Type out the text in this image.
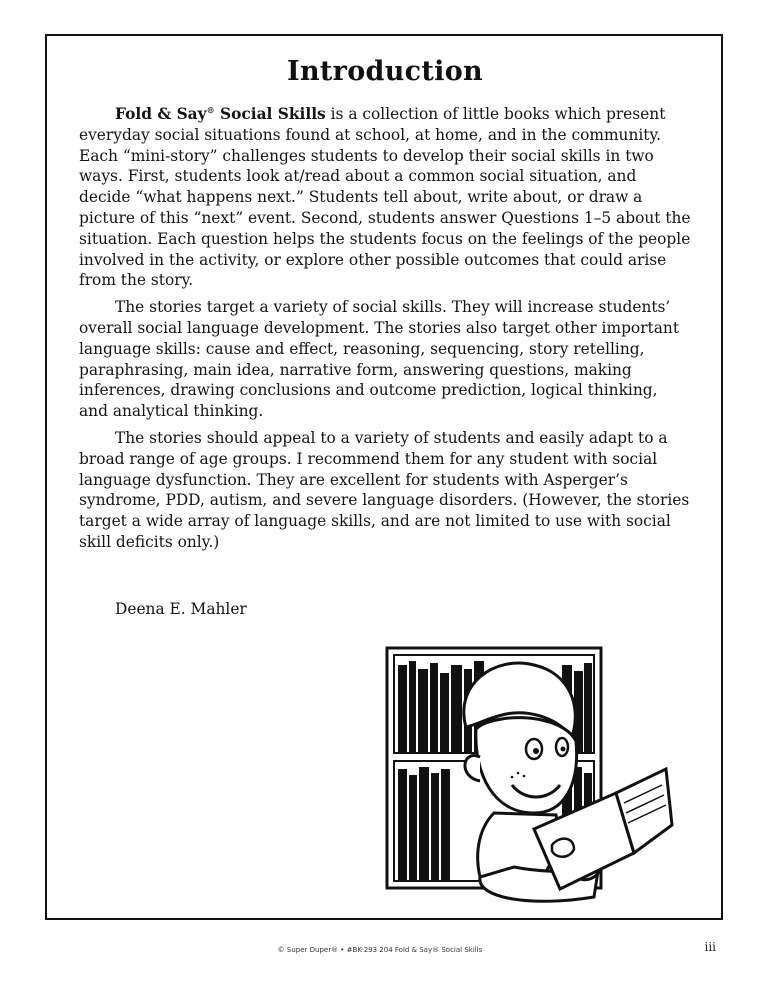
Introduction

Fold & Say® Social Skills is a collection of little books which present everyday social situations found at school, at home, and in the community. Each “mini-story” challenges students to develop their social skills in two ways. First, students look at/read about a common social situation, and decide “what happens next.” Students tell about, write about, or draw a picture of this “next” event. Second, students answer Questions 1–5 about the situation. Each question helps the students focus on the feelings of the people involved in the activity, or explore other possible outcomes that could arise from the story.

The stories target a variety of social skills. They will increase students’ overall social language development. The stories also target other important language skills: cause and effect, reasoning, sequencing, story retelling, paraphrasing, main idea, narrative form, answering questions, making inferences, drawing conclusions and outcome prediction, logical thinking, and analytical thinking.

The stories should appeal to a variety of students and easily adapt to a broad range of age groups. I recommend them for any student with social language dysfunction. They are excellent for students with Asperger’s syndrome, PDD, autism, and severe language disorders. (However, the stories target a wide array of language skills, and are not limited to use with social skill deficits only.)

Deena E. Mahler
© Super Duper® • #BK-293 204 Fold & Say® Social Skills	iii
